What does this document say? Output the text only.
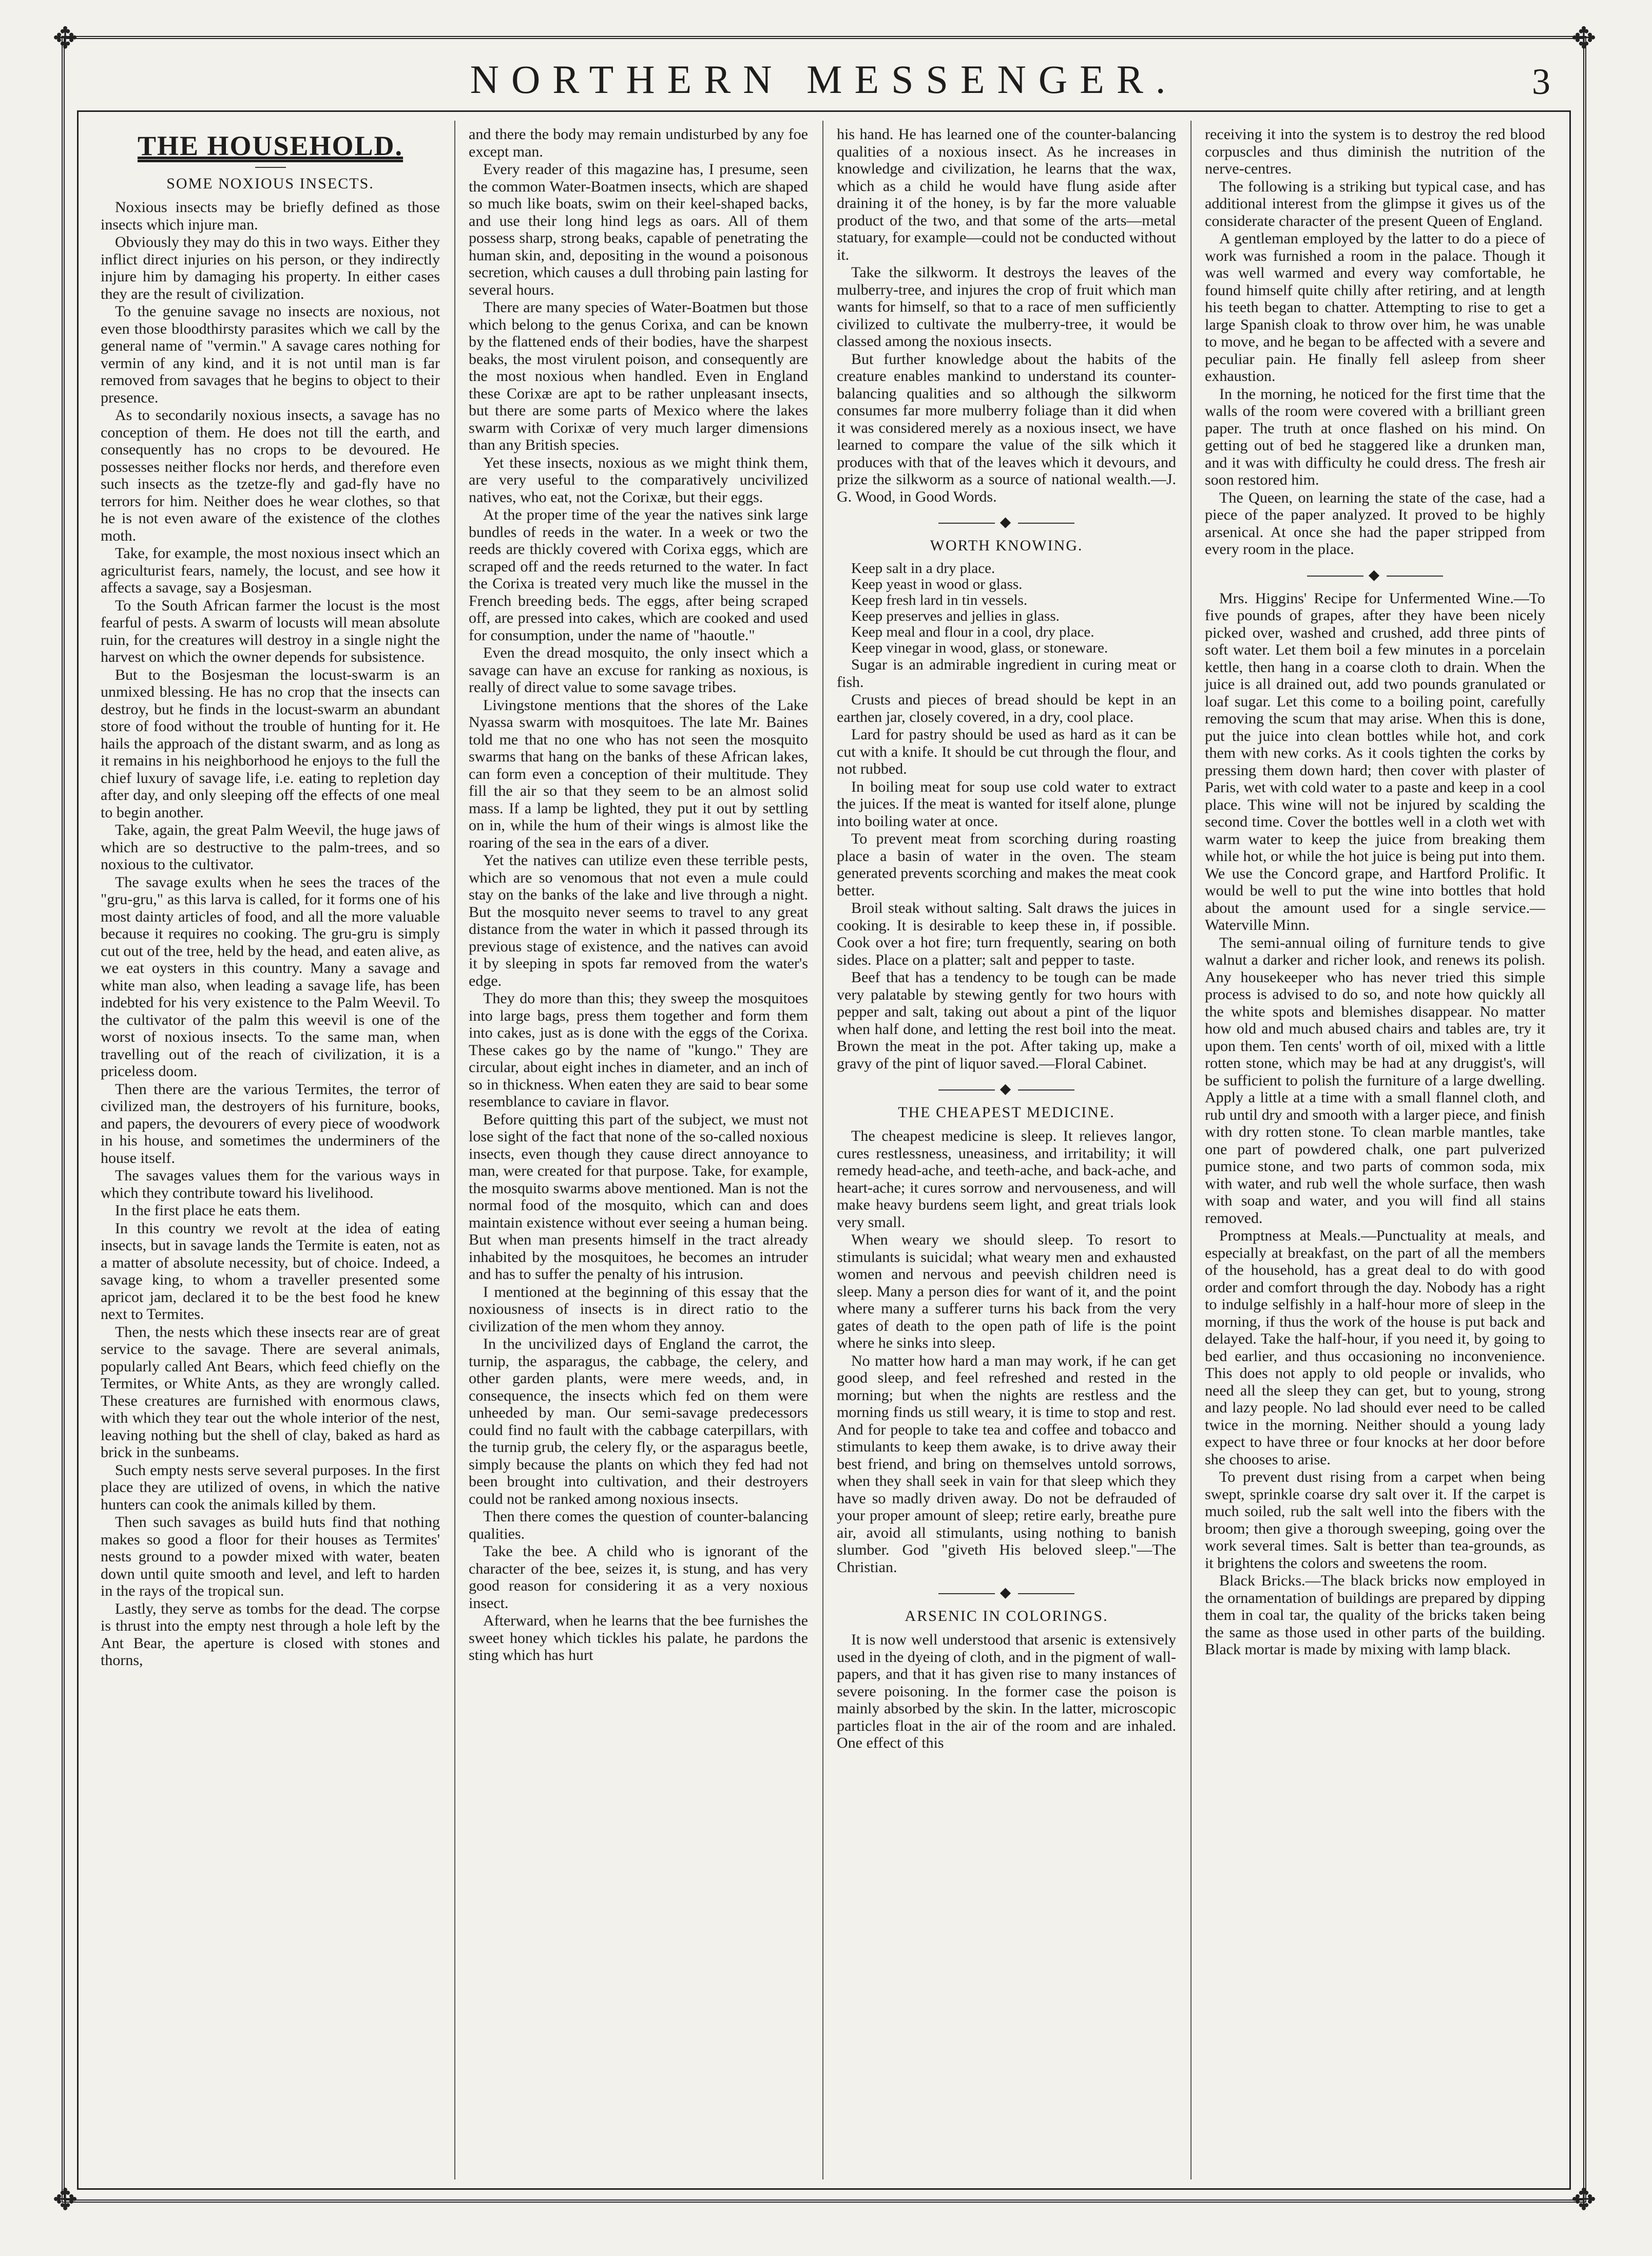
✥	✥
✥	✥
NORTHERN MESSENGER.	3
THE HOUSEHOLD.
SOME NOXIOUS INSECTS.

Noxious insects may be briefly defined as those insects which injure man.

Obviously they may do this in two ways. Either they inflict direct injuries on his person, or they indirectly injure him by damaging his property. In either cases they are the result of civilization.

To the genuine savage no insects are noxious, not even those bloodthirsty parasites which we call by the general name of "vermin." A savage cares nothing for vermin of any kind, and it is not until man is far removed from savages that he begins to object to their presence.

As to secondarily noxious insects, a savage has no conception of them. He does not till the earth, and consequently has no crops to be devoured. He possesses neither flocks nor herds, and therefore even such insects as the tzetze-fly and gad-fly have no terrors for him. Neither does he wear clothes, so that he is not even aware of the existence of the clothes moth.

Take, for example, the most noxious insect which an agriculturist fears, namely, the locust, and see how it affects a savage, say a Bosjesman.

To the South African farmer the locust is the most fearful of pests. A swarm of locusts will mean absolute ruin, for the creatures will destroy in a single night the harvest on which the owner depends for subsistence.

But to the Bosjesman the locust-swarm is an unmixed blessing. He has no crop that the insects can destroy, but he finds in the locust-swarm an abundant store of food without the trouble of hunting for it. He hails the approach of the distant swarm, and as long as it remains in his neighborhood he enjoys to the full the chief luxury of savage life, i.e. eating to repletion day after day, and only sleeping off the effects of one meal to begin another.

Take, again, the great Palm Weevil, the huge jaws of which are so destructive to the palm-trees, and so noxious to the cultivator.

The savage exults when he sees the traces of the "gru-gru," as this larva is called, for it forms one of his most dainty articles of food, and all the more valuable because it requires no cooking. The gru-gru is simply cut out of the tree, held by the head, and eaten alive, as we eat oysters in this country. Many a savage and white man also, when leading a savage life, has been indebted for his very existence to the Palm Weevil. To the cultivator of the palm this weevil is one of the worst of noxious insects. To the same man, when travelling out of the reach of civilization, it is a priceless doom.

Then there are the various Termites, the terror of civilized man, the destroyers of his furniture, books, and papers, the devourers of every piece of woodwork in his house, and sometimes the underminers of the house itself.

The savages values them for the various ways in which they contribute toward his livelihood.

In the first place he eats them.

In this country we revolt at the idea of eating insects, but in savage lands the Termite is eaten, not as a matter of absolute necessity, but of choice. Indeed, a savage king, to whom a traveller presented some apricot jam, declared it to be the best food he knew next to Termites.

Then, the nests which these insects rear are of great service to the savage. There are several animals, popularly called Ant Bears, which feed chiefly on the Termites, or White Ants, as they are wrongly called. These creatures are furnished with enormous claws, with which they tear out the whole interior of the nest, leaving nothing but the shell of clay, baked as hard as brick in the sunbeams.

Such empty nests serve several purposes. In the first place they are utilized of ovens, in which the native hunters can cook the animals killed by them.

Then such savages as build huts find that nothing makes so good a floor for their houses as Termites' nests ground to a powder mixed with water, beaten down until quite smooth and level, and left to harden in the rays of the tropical sun.

Lastly, they serve as tombs for the dead. The corpse is thrust into the empty nest through a hole left by the Ant Bear, the aperture is closed with stones and thorns,

and there the body may remain undisturbed by any foe except man.

Every reader of this magazine has, I presume, seen the common Water-Boatmen insects, which are shaped so much like boats, swim on their keel-shaped backs, and use their long hind legs as oars. All of them possess sharp, strong beaks, capable of penetrating the human skin, and, depositing in the wound a poisonous secretion, which causes a dull throbing pain lasting for several hours.

There are many species of Water-Boatmen but those which belong to the genus Corixa, and can be known by the flattened ends of their bodies, have the sharpest beaks, the most virulent poison, and consequently are the most noxious when handled. Even in England these Corixæ are apt to be rather unpleasant insects, but there are some parts of Mexico where the lakes swarm with Corixæ of very much larger dimensions than any British species.

Yet these insects, noxious as we might think them, are very useful to the comparatively uncivilized natives, who eat, not the Corixæ, but their eggs.

At the proper time of the year the natives sink large bundles of reeds in the water. In a week or two the reeds are thickly covered with Corixa eggs, which are scraped off and the reeds returned to the water. In fact the Corixa is treated very much like the mussel in the French breeding beds. The eggs, after being scraped off, are pressed into cakes, which are cooked and used for consumption, under the name of "haoutle."

Even the dread mosquito, the only insect which a savage can have an excuse for ranking as noxious, is really of direct value to some savage tribes.

Livingstone mentions that the shores of the Lake Nyassa swarm with mosquitoes. The late Mr. Baines told me that no one who has not seen the mosquito swarms that hang on the banks of these African lakes, can form even a conception of their multitude. They fill the air so that they seem to be an almost solid mass. If a lamp be lighted, they put it out by settling on in, while the hum of their wings is almost like the roaring of the sea in the ears of a diver.

Yet the natives can utilize even these terrible pests, which are so venomous that not even a mule could stay on the banks of the lake and live through a night. But the mosquito never seems to travel to any great distance from the water in which it passed through its previous stage of existence, and the natives can avoid it by sleeping in spots far removed from the water's edge.

They do more than this; they sweep the mosquitoes into large bags, press them together and form them into cakes, just as is done with the eggs of the Corixa. These cakes go by the name of "kungo." They are circular, about eight inches in diameter, and an inch of so in thickness. When eaten they are said to bear some resemblance to caviare in flavor.

Before quitting this part of the subject, we must not lose sight of the fact that none of the so-called noxious insects, even though they cause direct annoyance to man, were created for that purpose. Take, for example, the mosquito swarms above mentioned. Man is not the normal food of the mosquito, which can and does maintain existence without ever seeing a human being. But when man presents himself in the tract already inhabited by the mosquitoes, he becomes an intruder and has to suffer the penalty of his intrusion.

I mentioned at the beginning of this essay that the noxiousness of insects is in direct ratio to the civilization of the men whom they annoy.

In the uncivilized days of England the carrot, the turnip, the asparagus, the cabbage, the celery, and other garden plants, were mere weeds, and, in consequence, the insects which fed on them were unheeded by man. Our semi-savage predecessors could find no fault with the cabbage caterpillars, with the turnip grub, the celery fly, or the asparagus beetle, simply because the plants on which they fed had not been brought into cultivation, and their destroyers could not be ranked among noxious insects.

Then there comes the question of counter-balancing qualities.

Take the bee. A child who is ignorant of the character of the bee, seizes it, is stung, and has very good reason for considering it as a very noxious insect.

Afterward, when he learns that the bee furnishes the sweet honey which tickles his palate, he pardons the sting which has hurt

his hand. He has learned one of the counter-balancing qualities of a noxious insect. As he increases in knowledge and civilization, he learns that the wax, which as a child he would have flung aside after draining it of the honey, is by far the more valuable product of the two, and that some of the arts—metal statuary, for example—could not be conducted without it.

Take the silkworm. It destroys the leaves of the mulberry-tree, and injures the crop of fruit which man wants for himself, so that to a race of men sufficiently civilized to cultivate the mulberry-tree, it would be classed among the noxious insects.

But further knowledge about the habits of the creature enables mankind to understand its counter-balancing qualities and so although the silkworm consumes far more mulberry foliage than it did when it was considered merely as a noxious insect, we have learned to compare the value of the silk which it produces with that of the leaves which it devours, and prize the silkworm as a source of national wealth.—J. G. Wood, in Good Words.

◆
WORTH KNOWING.

Keep salt in a dry place.

Keep yeast in wood or glass.

Keep fresh lard in tin vessels.

Keep preserves and jellies in glass.

Keep meal and flour in a cool, dry place.

Keep vinegar in wood, glass, or stoneware.

Sugar is an admirable ingredient in curing meat or fish.

Crusts and pieces of bread should be kept in an earthen jar, closely covered, in a dry, cool place.

Lard for pastry should be used as hard as it can be cut with a knife. It should be cut through the flour, and not rubbed.

In boiling meat for soup use cold water to extract the juices. If the meat is wanted for itself alone, plunge into boiling water at once.

To prevent meat from scorching during roasting place a basin of water in the oven. The steam generated prevents scorching and makes the meat cook better.

Broil steak without salting. Salt draws the juices in cooking. It is desirable to keep these in, if possible. Cook over a hot fire; turn frequently, searing on both sides. Place on a platter; salt and pepper to taste.

Beef that has a tendency to be tough can be made very palatable by stewing gently for two hours with pepper and salt, taking out about a pint of the liquor when half done, and letting the rest boil into the meat. Brown the meat in the pot. After taking up, make a gravy of the pint of liquor saved.—Floral Cabinet.

◆
THE CHEAPEST MEDICINE.

The cheapest medicine is sleep. It relieves langor, cures restlessness, uneasiness, and irritability; it will remedy head-ache, and teeth-ache, and back-ache, and heart-ache; it cures sorrow and nervouseness, and will make heavy burdens seem light, and great trials look very small.

When weary we should sleep. To resort to stimulants is suicidal; what weary men and exhausted women and nervous and peevish children need is sleep. Many a person dies for want of it, and the point where many a sufferer turns his back from the very gates of death to the open path of life is the point where he sinks into sleep.

No matter how hard a man may work, if he can get good sleep, and feel refreshed and rested in the morning; but when the nights are restless and the morning finds us still weary, it is time to stop and rest. And for people to take tea and coffee and tobacco and stimulants to keep them awake, is to drive away their best friend, and bring on themselves untold sorrows, when they shall seek in vain for that sleep which they have so madly driven away. Do not be defrauded of your proper amount of sleep; retire early, breathe pure air, avoid all stimulants, using nothing to banish slumber. God "giveth His beloved sleep."—The Christian.

◆
ARSENIC IN COLORINGS.

It is now well understood that arsenic is extensively used in the dyeing of cloth, and in the pigment of wall-papers, and that it has given rise to many instances of severe poisoning. In the former case the poison is mainly absorbed by the skin. In the latter, microscopic particles float in the air of the room and are inhaled. One effect of this

receiving it into the system is to destroy the red blood corpuscles and thus diminish the nutrition of the nerve-centres.

The following is a striking but typical case, and has additional interest from the glimpse it gives us of the considerate character of the present Queen of England.

A gentleman employed by the latter to do a piece of work was furnished a room in the palace. Though it was well warmed and every way comfortable, he found himself quite chilly after retiring, and at length his teeth began to chatter. Attempting to rise to get a large Spanish cloak to throw over him, he was unable to move, and he began to be affected with a severe and peculiar pain. He finally fell asleep from sheer exhaustion.

In the morning, he noticed for the first time that the walls of the room were covered with a brilliant green paper. The truth at once flashed on his mind. On getting out of bed he staggered like a drunken man, and it was with difficulty he could dress. The fresh air soon restored him.

The Queen, on learning the state of the case, had a piece of the paper analyzed. It proved to be highly arsenical. At once she had the paper stripped from every room in the place.

◆

Mrs. Higgins' Recipe for Unfermented Wine.—To five pounds of grapes, after they have been nicely picked over, washed and crushed, add three pints of soft water. Let them boil a few minutes in a porcelain kettle, then hang in a coarse cloth to drain. When the juice is all drained out, add two pounds granulated or loaf sugar. Let this come to a boiling point, carefully removing the scum that may arise. When this is done, put the juice into clean bottles while hot, and cork them with new corks. As it cools tighten the corks by pressing them down hard; then cover with plaster of Paris, wet with cold water to a paste and keep in a cool place. This wine will not be injured by scalding the second time. Cover the bottles well in a cloth wet with warm water to keep the juice from breaking them while hot, or while the hot juice is being put into them. We use the Concord grape, and Hartford Prolific. It would be well to put the wine into bottles that hold about the amount used for a single service.—Waterville Minn.

The semi-annual oiling of furniture tends to give walnut a darker and richer look, and renews its polish. Any housekeeper who has never tried this simple process is advised to do so, and note how quickly all the white spots and blemishes disappear. No matter how old and much abused chairs and tables are, try it upon them. Ten cents' worth of oil, mixed with a little rotten stone, which may be had at any druggist's, will be sufficient to polish the furniture of a large dwelling. Apply a little at a time with a small flannel cloth, and rub until dry and smooth with a larger piece, and finish with dry rotten stone. To clean marble mantles, take one part of powdered chalk, one part pulverized pumice stone, and two parts of common soda, mix with water, and rub well the whole surface, then wash with soap and water, and you will find all stains removed.

Promptness at Meals.—Punctuality at meals, and especially at breakfast, on the part of all the members of the household, has a great deal to do with good order and comfort through the day. Nobody has a right to indulge selfishly in a half-hour more of sleep in the morning, if thus the work of the house is put back and delayed. Take the half-hour, if you need it, by going to bed earlier, and thus occasioning no inconvenience. This does not apply to old people or invalids, who need all the sleep they can get, but to young, strong and lazy people. No lad should ever need to be called twice in the morning. Neither should a young lady expect to have three or four knocks at her door before she chooses to arise.

To prevent dust rising from a carpet when being swept, sprinkle coarse dry salt over it. If the carpet is much soiled, rub the salt well into the fibers with the broom; then give a thorough sweeping, going over the work several times. Salt is better than tea-grounds, as it brightens the colors and sweetens the room.

Black Bricks.—The black bricks now employed in the ornamentation of buildings are prepared by dipping them in coal tar, the quality of the bricks taken being the same as those used in other parts of the building. Black mortar is made by mixing with lamp black.
